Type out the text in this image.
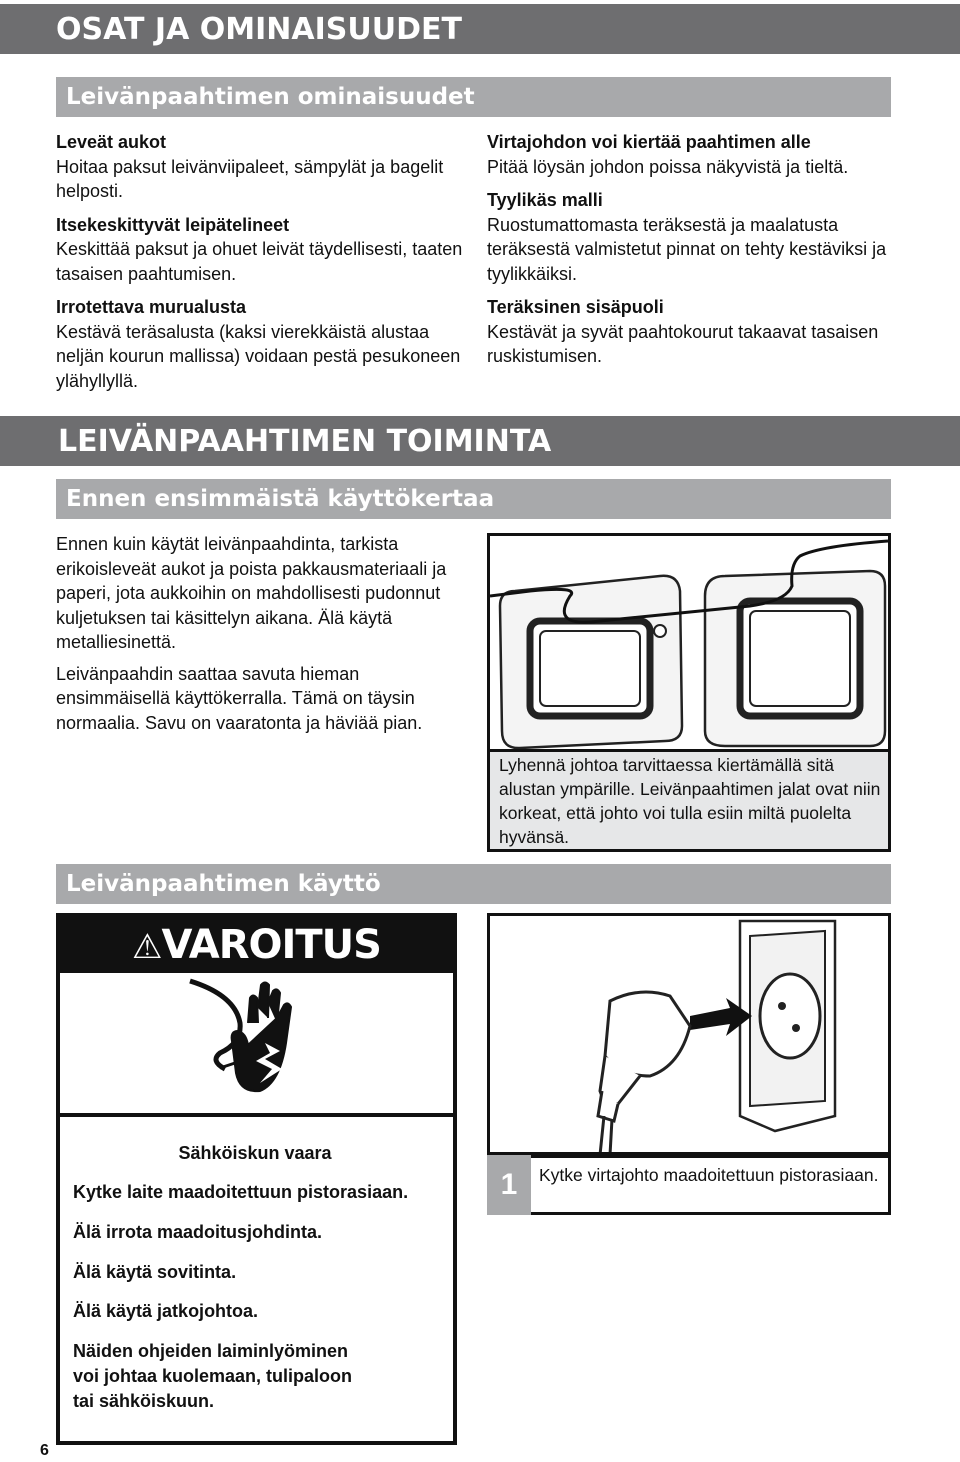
OSAT JA OMINAISUUDET
Leivänpaahtimen ominaisuudet
Leveät aukot
Hoitaa paksut leivänviipaleet, sämpylät ja bagelit helposti.
Itsekeskittyvät leipätelineet
Keskittää paksut ja ohuet leivät täydellisesti, taaten tasaisen paahtumisen.
Irrotettava murualusta
Kestävä teräsalusta (kaksi vierekkäistä alustaa neljän kourun mallissa) voidaan pestä pesukoneen ylähyllyllä.
Virtajohdon voi kiertää paahtimen alle
Pitää löysän johdon poissa näkyvistä ja tieltä.
Tyylikäs malli
Ruostumattomasta teräksestä ja maalatusta teräksestä valmistetut pinnat on tehty kestäviksi ja tyylikkäiksi.
Teräksinen sisäpuoli
Kestävät ja syvät paahtokourut takaavat tasaisen ruskistumisen.
LEIVÄNPAAHTIMEN TOIMINTA
Ennen ensimmäistä käyttökertaa

Ennen kuin käytät leivänpaahdinta, tarkista erikoisleveät aukot ja poista pakkausmateriaali ja paperi, jota aukkoihin on mahdollisesti pudonnut kuljetuksen tai käsittelyn aikana. Älä käytä metalliesinettä.

Leivänpaahdin saattaa savuta hieman ensimmäisellä käyttökerralla. Tämä on täysin normaalia. Savu on vaaratonta ja häviää pian.

Lyhennä johtoa tarvittaessa kiertämällä sitä alustan ympärille. Leivänpaahtimen jalat ovat niin korkeat, että johto voi tulla esiin miltä puolelta hyvänsä.
Leivänpaahtimen käyttö
⚠VAROITUS
Sähköiskun vaara
Kytke laite maadoitettuun pistorasiaan.
Älä irrota maadoitusjohdinta.
Älä käytä sovitinta.
Älä käytä jatkojohtoa.
Näiden ohjeiden laiminlyöminen
voi johtaa kuolemaan, tulipaloon
tai sähköiskuun.
1	Kytke virtajohto maadoitettuun pistorasiaan.
6
